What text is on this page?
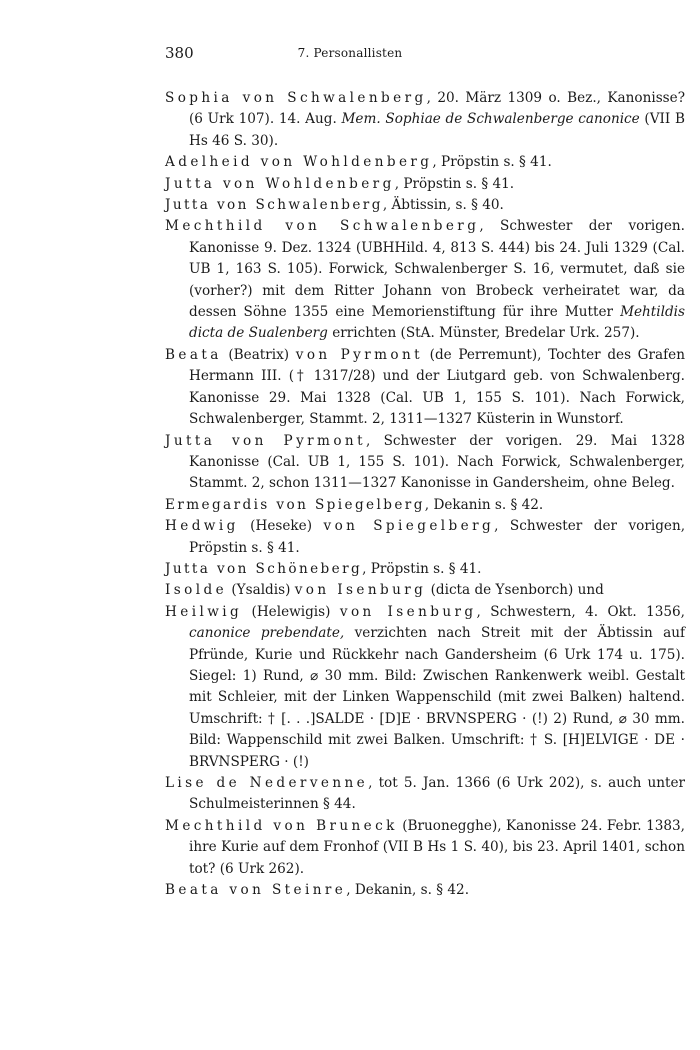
380	7. Personallisten
Sophia von Schwalenberg, 20. März 1309 o. Bez., Kanonisse? (6 Urk 107). 14. Aug. Mem. Sophiae de Schwalenberge canonice (VII B Hs 46 S. 30).
Adelheid von Wohldenberg, Pröpstin s. § 41.
Jutta von Wohldenberg, Pröpstin s. § 41.
Jutta von Schwalenberg, Äbtissin, s. § 40.
Mechthild von Schwalenberg, Schwester der vorigen. Kanonisse 9. Dez. 1324 (UBHHild. 4, 813 S. 444) bis 24. Juli 1329 (Cal. UB 1, 163 S. 105). Forwick, Schwalenberger S. 16, vermutet, daß sie (vorher?) mit dem Ritter Johann von Brobeck verheiratet war, da dessen Söhne 1355 eine Memorienstiftung für ihre Mutter Mehtildis dicta de Sualenberg errichten (StA. Münster, Bredelar Urk. 257).
Beata (Beatrix) von Pyrmont (de Perremunt), Tochter des Grafen Hermann III. († 1317/28) und der Liutgard geb. von Schwalenberg. Kanonisse 29. Mai 1328 (Cal. UB 1, 155 S. 101). Nach Forwick, Schwalenberger, Stammt. 2, 1311—1327 Küsterin in Wunstorf.
Jutta von Pyrmont, Schwester der vorigen. 29. Mai 1328 Kanonisse (Cal. UB 1, 155 S. 101). Nach Forwick, Schwalenberger, Stammt. 2, schon 1311—1327 Kanonisse in Gandersheim, ohne Beleg.
Ermegardis von Spiegelberg, Dekanin s. § 42.
Hedwig (Heseke) von Spiegelberg, Schwester der vorigen, Pröpstin s. § 41.
Jutta von Schöneberg, Pröpstin s. § 41.
Isolde (Ysaldis) von Isenburg (dicta de Ysenborch) und
Heilwig (Helewigis) von Isenburg, Schwestern, 4. Okt. 1356, canonice prebendate, verzichten nach Streit mit der Äbtissin auf Pfründe, Kurie und Rückkehr nach Gandersheim (6 Urk 174 u. 175). Siegel: 1) Rund, ⌀ 30 mm. Bild: Zwischen Rankenwerk weibl. Gestalt mit Schleier, mit der Linken Wappenschild (mit zwei Balken) haltend. Umschrift: † [. . .]SALDE · [D]E · BRVNSPERG · (!) 2) Rund, ⌀ 30 mm. Bild: Wappenschild mit zwei Balken. Umschrift: † S. [H]ELVIGE · DE · BRVNSPERG · (!)
Lise de Nedervenne, tot 5. Jan. 1366 (6 Urk 202), s. auch unter Schulmeisterinnen § 44.
Mechthild von Bruneck (Bruonegghe), Kanonisse 24. Febr. 1383, ihre Kurie auf dem Fronhof (VII B Hs 1 S. 40), bis 23. April 1401, schon tot? (6 Urk 262).
Beata von Steinre, Dekanin, s. § 42.
